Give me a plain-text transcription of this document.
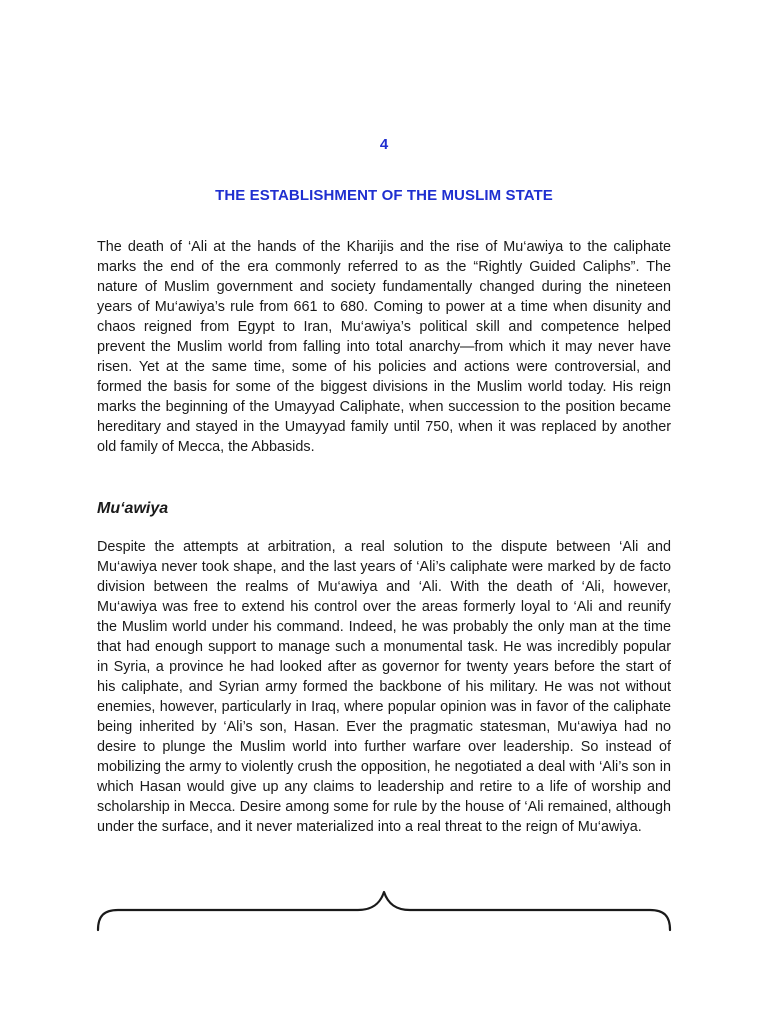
4
THE ESTABLISHMENT OF THE MUSLIM STATE

The death of ‘Ali at the hands of the Kharijis and the rise of Mu‘awiya to the caliphate marks the end of the era commonly referred to as the “Rightly Guided Caliphs”. The nature of Muslim government and society fundamentally changed during the nineteen years of Mu‘awiya’s rule from 661 to 680. Coming to power at a time when disunity and chaos reigned from Egypt to Iran, Mu‘awiya’s political skill and competence helped prevent the Muslim world from falling into total anarchy—from which it may never have risen. Yet at the same time, some of his policies and actions were controversial, and formed the basis for some of the biggest divisions in the Muslim world today. His reign marks the beginning of the Umayyad Caliphate, when succession to the position became hereditary and stayed in the Umayyad family until 750, when it was replaced by another old family of Mecca, the Abbasids.

Mu‘awiya

Despite the attempts at arbitration, a real solution to the dispute between ‘Ali and Mu‘awiya never took shape, and the last years of ‘Ali’s caliphate were marked by de facto division between the realms of Mu‘awiya and ‘Ali. With the death of ‘Ali, however, Mu‘awiya was free to extend his control over the areas formerly loyal to ‘Ali and reunify the Muslim world under his command. Indeed, he was probably the only man at the time that had enough support to manage such a monumental task. He was incredibly popular in Syria, a province he had looked after as governor for twenty years before the start of his caliphate, and Syrian army formed the backbone of his military. He was not without enemies, however, particularly in Iraq, where popular opinion was in favor of the caliphate being inherited by ‘Ali’s son, Hasan. Ever the pragmatic statesman, Mu‘awiya had no desire to plunge the Muslim world into further warfare over leadership. So instead of mobilizing the army to violently crush the opposition, he negotiated a deal with ‘Ali’s son in which Hasan would give up any claims to leadership and retire to a life of worship and scholarship in Mecca. Desire among some for rule by the house of ‘Ali remained, although under the surface, and it never materialized into a real threat to the reign of Mu‘awiya.
